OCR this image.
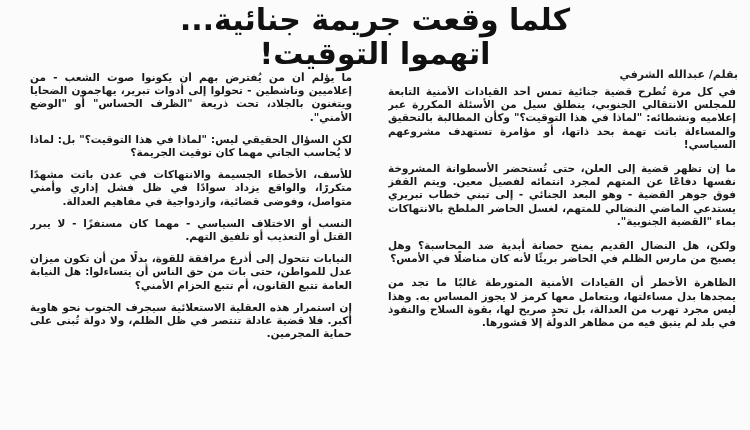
كلما وقعت جريمة جنائية...
اتهموا التوقيت!
بقلم/ عبدالله الشرفي

في كل مرة تُطرح قضية جنائية تمس أحد القيادات الأمنية التابعة للمجلس الانتقالي الجنوبي، ينطلق سيل من الأسئلة المكررة عبر إعلاميه ونشطائه: "لماذا في هذا التوقيت؟" وكأن المطالبة بالتحقيق والمساءلة باتت تهمة بحد ذاتها، أو مؤامرة تستهدف مشروعهم السياسي!

ما إن تظهر قضية إلى العلن، حتى تُستحضر الأسطوانة المشروخة نفسها دفاعًا عن المتهم لمجرد انتمائه لفصيل معين. ويتم القفز فوق جوهر القضية - وهو البعد الجنائي - إلى تبني خطاب تبريري يستدعي الماضي النضالي للمتهم، لغسل الحاضر الملطخ بالانتهاكات بماء "القضية الجنوبية".

ولكن، هل النضال القديم يمنح حصانة أبدية ضد المحاسبة؟ وهل يصبح من مارس الظلم في الحاضر بريئًا لأنه كان مناضلًا في الأمس؟

الظاهرة الأخطر أن القيادات الأمنية المتورطة غالبًا ما تجد من يمجدها بدل مساءلتها، ويتعامل معها كرمز لا يجوز المساس به. وهذا ليس مجرد تهرب من العدالة، بل تحدٍ صريح لها، بقوة السلاح والنفوذ في بلد لم يتبق فيه من مظاهر الدولة إلا قشورها.

ما يؤلم أن من يُفترض بهم أن يكونوا صوت الشعب - من إعلاميين وناشطين - تحولوا إلى أدوات تبرير، يهاجمون الضحايا ويتغنون بالجلاد، تحت ذريعة "الظرف الحساس" أو "الوضع الأمني".

لكن السؤال الحقيقي ليس: "لماذا في هذا التوقيت؟" بل: لماذا لا يُحاسب الجاني مهما كان توقيت الجريمة؟

للأسف، الأخطاء الجسيمة والانتهاكات في عدن باتت مشهدًا متكررًا، والواقع يزداد سوادًا في ظل فشل إداري وأمني متواصل، وفوضى قضائية، وازدواجية في مفاهيم العدالة.

النسب أو الاختلاف السياسي - مهما كان مستفزًا - لا يبرر القتل أو التعذيب أو تلفيق التهم.

النيابات تتحول إلى أذرع مرافقة للقوة، بدلًا من أن تكون ميزان عدل للمواطن، حتى بات من حق الناس أن يتساءلوا: هل النيابة العامة تتبع القانون، أم تتبع الحزام الأمني؟

إن استمرار هذه العقلية الاستعلائية سيجرف الجنوب نحو هاوية أكبر. فلا قضية عادلة تنتصر في ظل الظلم، ولا دولة تُبنى على حماية المجرمين.
